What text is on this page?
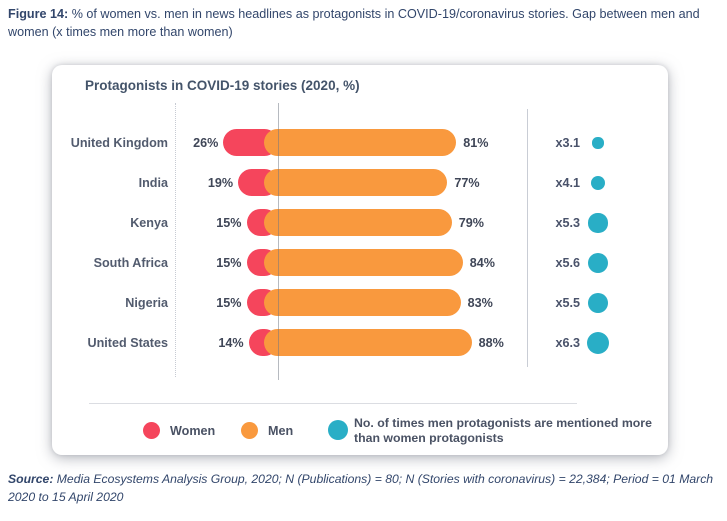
Figure 14: % of women vs. men in news headlines as protagonists in COVID-19/coronavirus stories. Gap between men and women (x times men more than women)

Protagonists in COVID-19 stories (2020, %)
United Kingdom	26%	81%	x3.1
India	19%	77%	x4.1
Kenya	15%	79%	x5.3
South Africa	15%	84%	x5.6
Nigeria	15%	83%	x5.5
United States	14%	88%	x6.3
Women	Men
No. of times men protagonists are mentioned more than women protagonists

Source: Media Ecosystems Analysis Group, 2020; N (Publications) = 80; N (Stories with coronavirus) = 22,384; Period = 01 March 2020 to 15 April 2020
